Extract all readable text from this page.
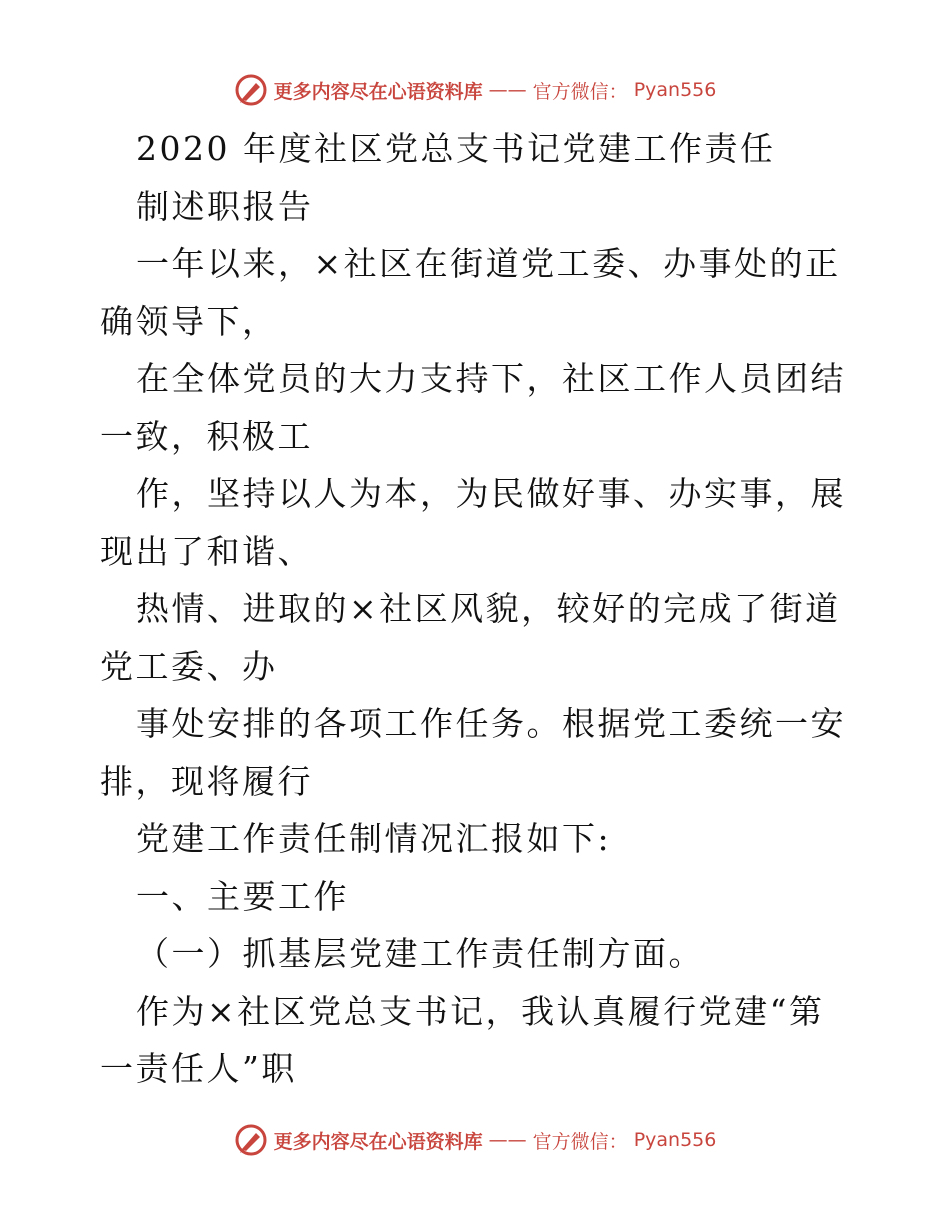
更多内容尽在心语资料库 —— 官方微信： Pyan556

2020 年度社区党总支书记党建工作责任

制述职报告

一年以来，×社区在街道党工委、办事处的正确领导下，

在全体党员的大力支持下，社区工作人员团结一致，积极工

作，坚持以人为本，为民做好事、办实事，展现出了和谐、

热情、进取的×社区风貌，较好的完成了街道党工委、办

事处安排的各项工作任务。根据党工委统一安排，现将履行

党建工作责任制情况汇报如下:

一、主要工作

（一）抓基层党建工作责任制方面。

作为×社区党总支书记，我认真履行党建“第一责任人”职

更多内容尽在心语资料库 —— 官方微信： Pyan556
